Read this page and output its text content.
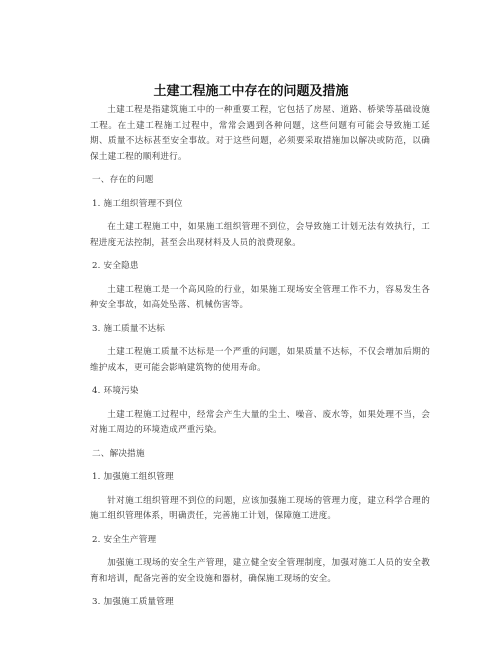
土建工程施工中存在的问题及措施

土建工程是指建筑施工中的一种重要工程，它包括了房屋、道路、桥梁等基础设施工程。在土建工程施工过程中，常常会遇到各种问题，这些问题有可能会导致施工延期、质量不达标甚至安全事故。对于这些问题，必须要采取措施加以解决或防范，以确保土建工程的顺利进行。

一、存在的问题

1. 施工组织管理不到位

在土建工程施工中，如果施工组织管理不到位，会导致施工计划无法有效执行，工程进度无法控制，甚至会出现材料及人员的浪费现象。

2. 安全隐患

土建工程施工是一个高风险的行业，如果施工现场安全管理工作不力，容易发生各种安全事故，如高处坠落、机械伤害等。

3. 施工质量不达标

土建工程施工质量不达标是一个严重的问题，如果质量不达标，不仅会增加后期的维护成本，更可能会影响建筑物的使用寿命。

4. 环境污染

土建工程施工过程中，经常会产生大量的尘土、噪音、废水等，如果处理不当，会对施工周边的环境造成严重污染。

二、解决措施

1. 加强施工组织管理

针对施工组织管理不到位的问题，应该加强施工现场的管理力度，建立科学合理的施工组织管理体系，明确责任，完善施工计划，保障施工进度。

2. 安全生产管理

加强施工现场的安全生产管理，建立健全安全管理制度，加强对施工人员的安全教育和培训，配备完善的安全设施和器材，确保施工现场的安全。

3. 加强施工质量管理
